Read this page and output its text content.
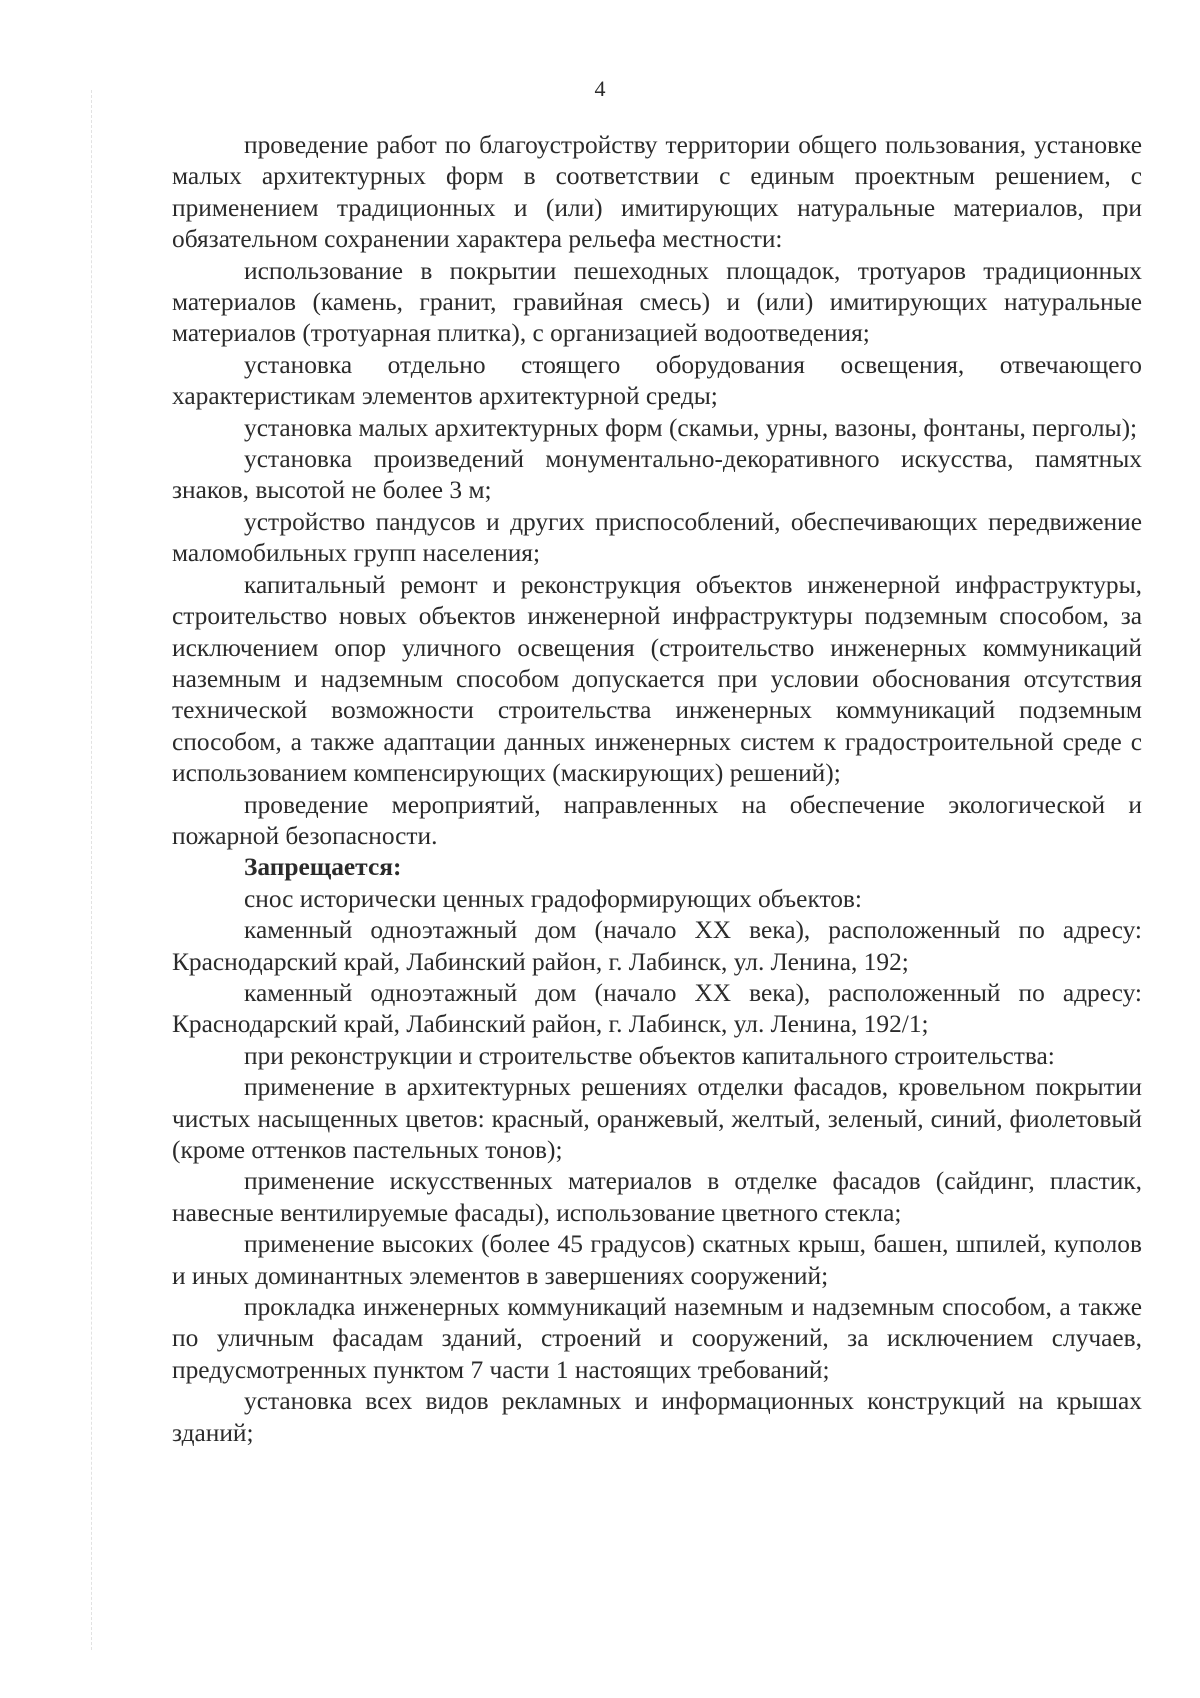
4

проведение работ по благоустройству территории общего пользования, установке малых архитектурных форм в соответствии с единым проектным решением, с применением традиционных и (или) имитирующих натуральные материалов, при обязательном сохранении характера рельефа местности:

использование в покрытии пешеходных площадок, тротуаров традиционных материалов (камень, гранит, гравийная смесь) и (или) имитирующих натуральные материалов (тротуарная плитка), с организацией водоотведения;

установка отдельно стоящего оборудования освещения, отвечающего характеристикам элементов архитектурной среды;

установка малых архитектурных форм (скамьи, урны, вазоны, фонтаны, перголы);

установка произведений монументально-декоративного искусства, памятных знаков, высотой не более 3 м;

устройство пандусов и других приспособлений, обеспечивающих передвижение маломобильных групп населения;

капитальный ремонт и реконструкция объектов инженерной инфраструктуры, строительство новых объектов инженерной инфраструктуры подземным способом, за исключением опор уличного освещения (строительство инженерных коммуникаций наземным и надземным способом допускается при условии обоснования отсутствия технической возможности строительства инженерных коммуникаций подземным способом, а также адаптации данных инженерных систем к градостроительной среде с использованием компенсирующих (маскирующих) решений);

проведение мероприятий, направленных на обеспечение экологической и пожарной безопасности.

Запрещается:

снос исторически ценных градоформирующих объектов:

каменный одноэтажный дом (начало XX века), расположенный по адресу: Краснодарский край, Лабинский район, г. Лабинск, ул. Ленина, 192;

каменный одноэтажный дом (начало XX века), расположенный по адресу: Краснодарский край, Лабинский район, г. Лабинск, ул. Ленина, 192/1;

при реконструкции и строительстве объектов капитального строительства:

применение в архитектурных решениях отделки фасадов, кровельном покрытии чистых насыщенных цветов: красный, оранжевый, желтый, зеленый, синий, фиолетовый (кроме оттенков пастельных тонов);

применение искусственных материалов в отделке фасадов (сайдинг, пластик, навесные вентилируемые фасады), использование цветного стекла;

применение высоких (более 45 градусов) скатных крыш, башен, шпилей, куполов и иных доминантных элементов в завершениях сооружений;

прокладка инженерных коммуникаций наземным и надземным способом, а также по уличным фасадам зданий, строений и сооружений, за исключением случаев, предусмотренных пунктом 7 части 1 настоящих требований;

установка всех видов рекламных и информационных конструкций на крышах зданий;
